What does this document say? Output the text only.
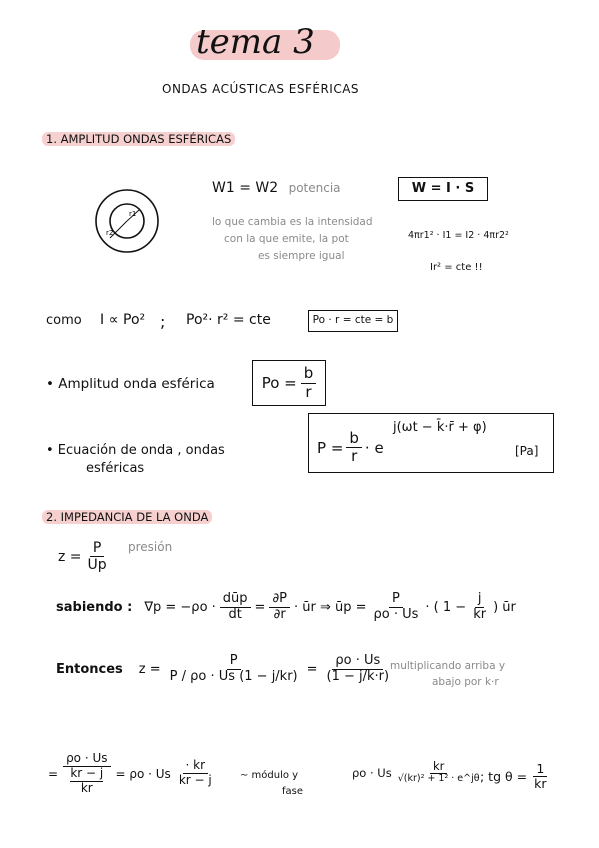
tema 3
ONDAS ACÚSTICAS ESFÉRICAS
1. AMPLITUD ONDAS ESFÉRICAS
r1
r2
W1 = W2 potencia	W = I · S
lo que cambia es la intensidad
con la que emite, la pot
es siempre igual
4πr1² · I1 = I2 · 4πr2²
Ir² = cte !!
como I ∝ Po² ; Po²· r² = cte	Po · r = cte = b
• Amplitud onda esférica	$Po = \frac{b}{r}$
• Ecuación de onda , ondas
esféricas
$P = \frac{b}{r} \cdot e$
j(ωt − k̄·r̄ + φ)
[Pa]
2. IMPEDANCIA DE LA ONDA
$z = \frac{P}{Up}$ presión
sabiendo : $\nabla p = -\rho o \cdot \frac{\text{dūp}}{dt} = \frac{\partial P}{\partial r}$ · ūr ⇒ ūp = $\frac{P}{\rho o \cdot Us}$ · ( $1 - \frac{j}{kr}$ ) ūr
Entonces $z = \frac{P}{P / \rho o \cdot Us (1 - j/kr)} = \frac{\rho o \cdot Us}{(1 - j/k\cdot r)}$
multiplicando arriba y
abajo por k·r
= ρo · Us
kr − j
kr = ρo · Us $\frac{\cdot kr}{kr - j}$	∼ módulo y
fase
ρo · Us $\frac{kr}{\text{√(kr)² + 1² · e\textasciicircum{}jθ}}$
; tg $\theta = \frac{1}{kr}$
